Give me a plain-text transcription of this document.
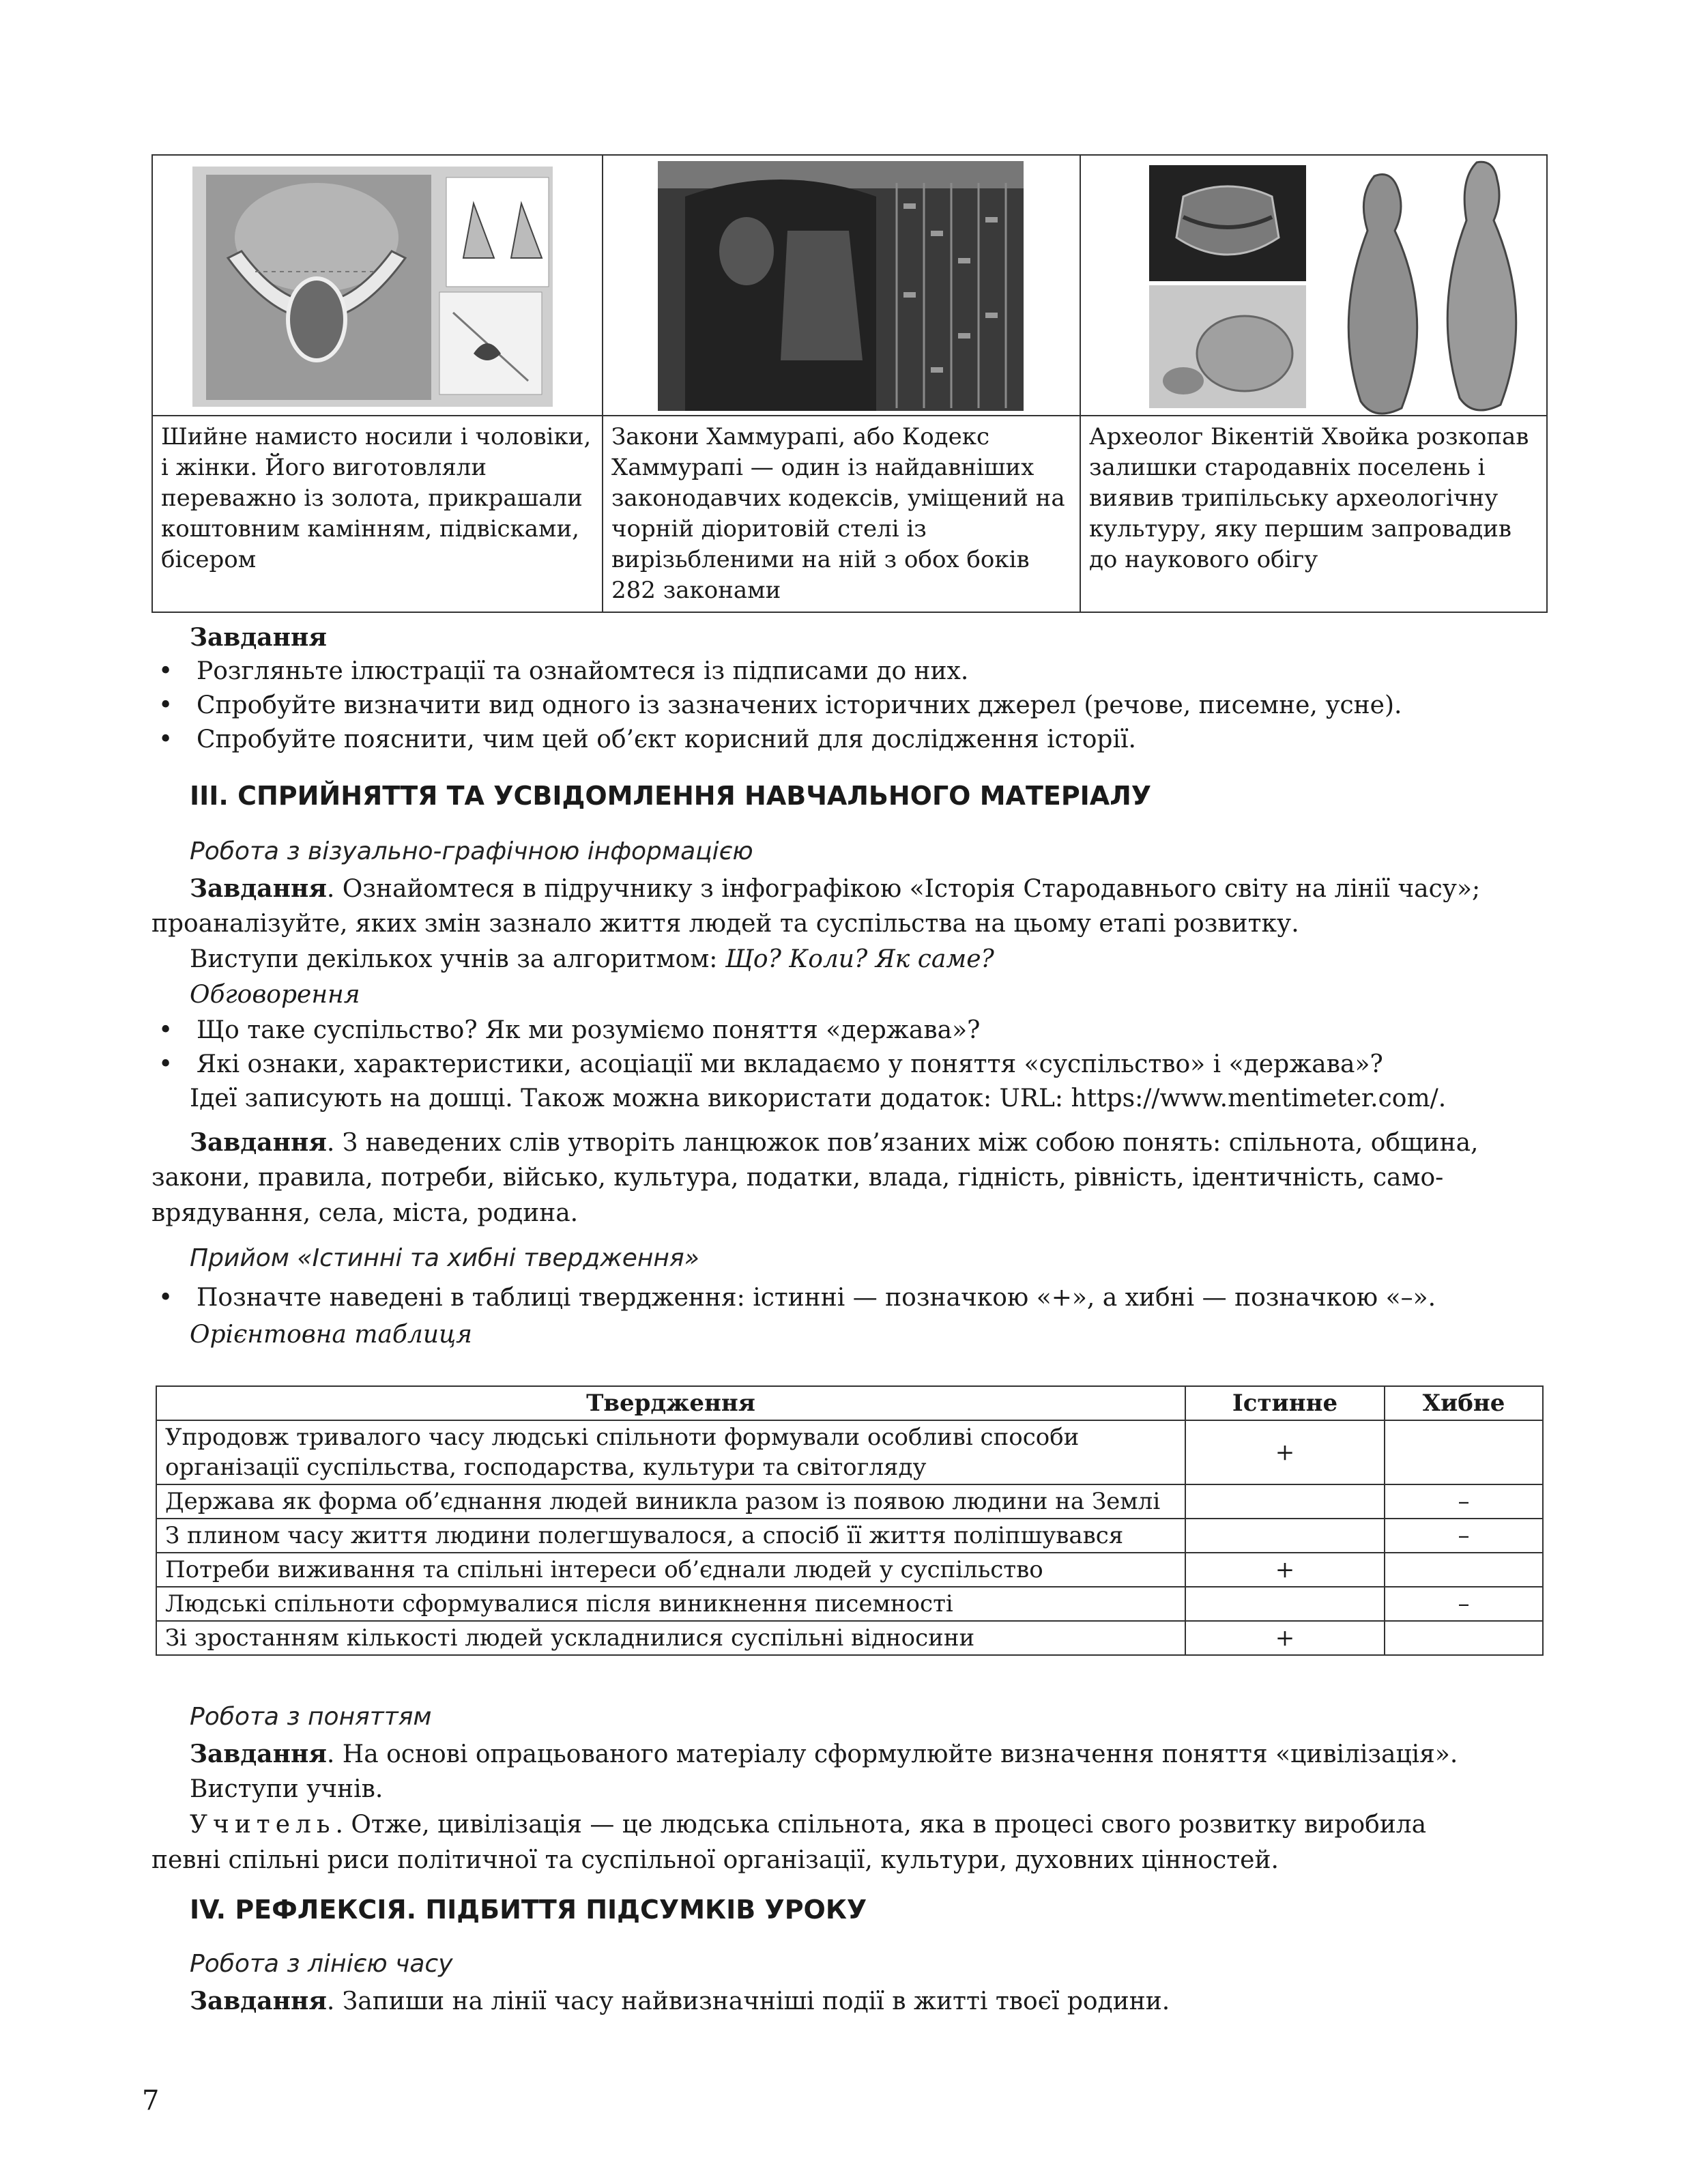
Шийне намисто носили і чоловіки, і жінки. Його виготовляли переважно із золота, прикрашали коштовним камінням, підвісками, бісером	Закони Хаммурапі, або Кодекс Хаммурапі — один із найдавніших законодавчих кодексів, уміщений на чорній діоритовій стелі із вирізьбленими на ній з обох боків 282 законами	Археолог Вікентій Хвойка розкопав залишки стародавніх поселень і виявив трипільську археологічну культуру, яку першим запровадив до наукового обігу
Завдання
• Розгляньте ілюстрації та ознайомтеся із підписами до них.
• Спробуйте визначити вид одного із зазначених історичних джерел (речове, писемне, усне).
• Спробуйте пояснити, чим цей об’єкт корисний для дослідження історії.
III. СПРИЙНЯТТЯ ТА УСВІДОМЛЕННЯ НАВЧАЛЬНОГО МАТЕРІАЛУ
Робота з візуально-графічною інформацією
Завдання. Ознайомтеся в підручнику з інфографікою «Історія Стародавнього світу на лінії часу»;
проаналізуйте, яких змін зазнало життя людей та суспільства на цьому етапі розвитку.
Виступи декількох учнів за алгоритмом: Що? Коли? Як саме?
Обговорення
• Що таке суспільство? Як ми розуміємо поняття «держава»?
• Які ознаки, характеристики, асоціації ми вкладаємо у поняття «суспільство» і «держава»?
Ідеї записують на дошці. Також можна використати додаток: URL: https://www.mentimeter.com/.
Завдання. З наведених слів утворіть ланцюжок пов’язаних між собою понять: спільнота, община,
закони, правила, потреби, військо, культура, податки, влада, гідність, рівність, ідентичність, само-
врядування, села, міста, родина.
Прийом «Істинні та хибні твердження»
• Позначте наведені в таблиці твердження: істинні — позначкою «+», а хибні — позначкою «–».
Орієнтовна таблиця
Твердження	Істинне	Хибне
Упродовж тривалого часу людські спільноти формували особливі способи організації суспільства, господарства, культури та світогляду	+	
Держава як форма об’єднання людей виникла разом із появою людини на Землі		–
З плином часу життя людини полегшувалося, а спосіб її життя поліпшувався		–
Потреби виживання та спільні інтереси об’єднали людей у суспільство	+	
Людські спільноти сформувалися після виникнення писемності		–
Зі зростанням кількості людей ускладнилися суспільні відносини	+	
Робота з поняттям
Завдання. На основі опрацьованого матеріалу сформулюйте визначення поняття «цивілізація».
Виступи учнів.
Учитель. Отже, цивілізація — це людська спільнота, яка в процесі свого розвитку виробила
певні спільні риси політичної та суспільної організації, культури, духовних цінностей.
IV. РЕФЛЕКСІЯ. ПІДБИТТЯ ПІДСУМКІВ УРОКУ
Робота з лінією часу
Завдання. Запиши на лінії часу найвизначніші події в житті твоєї родини.
7
